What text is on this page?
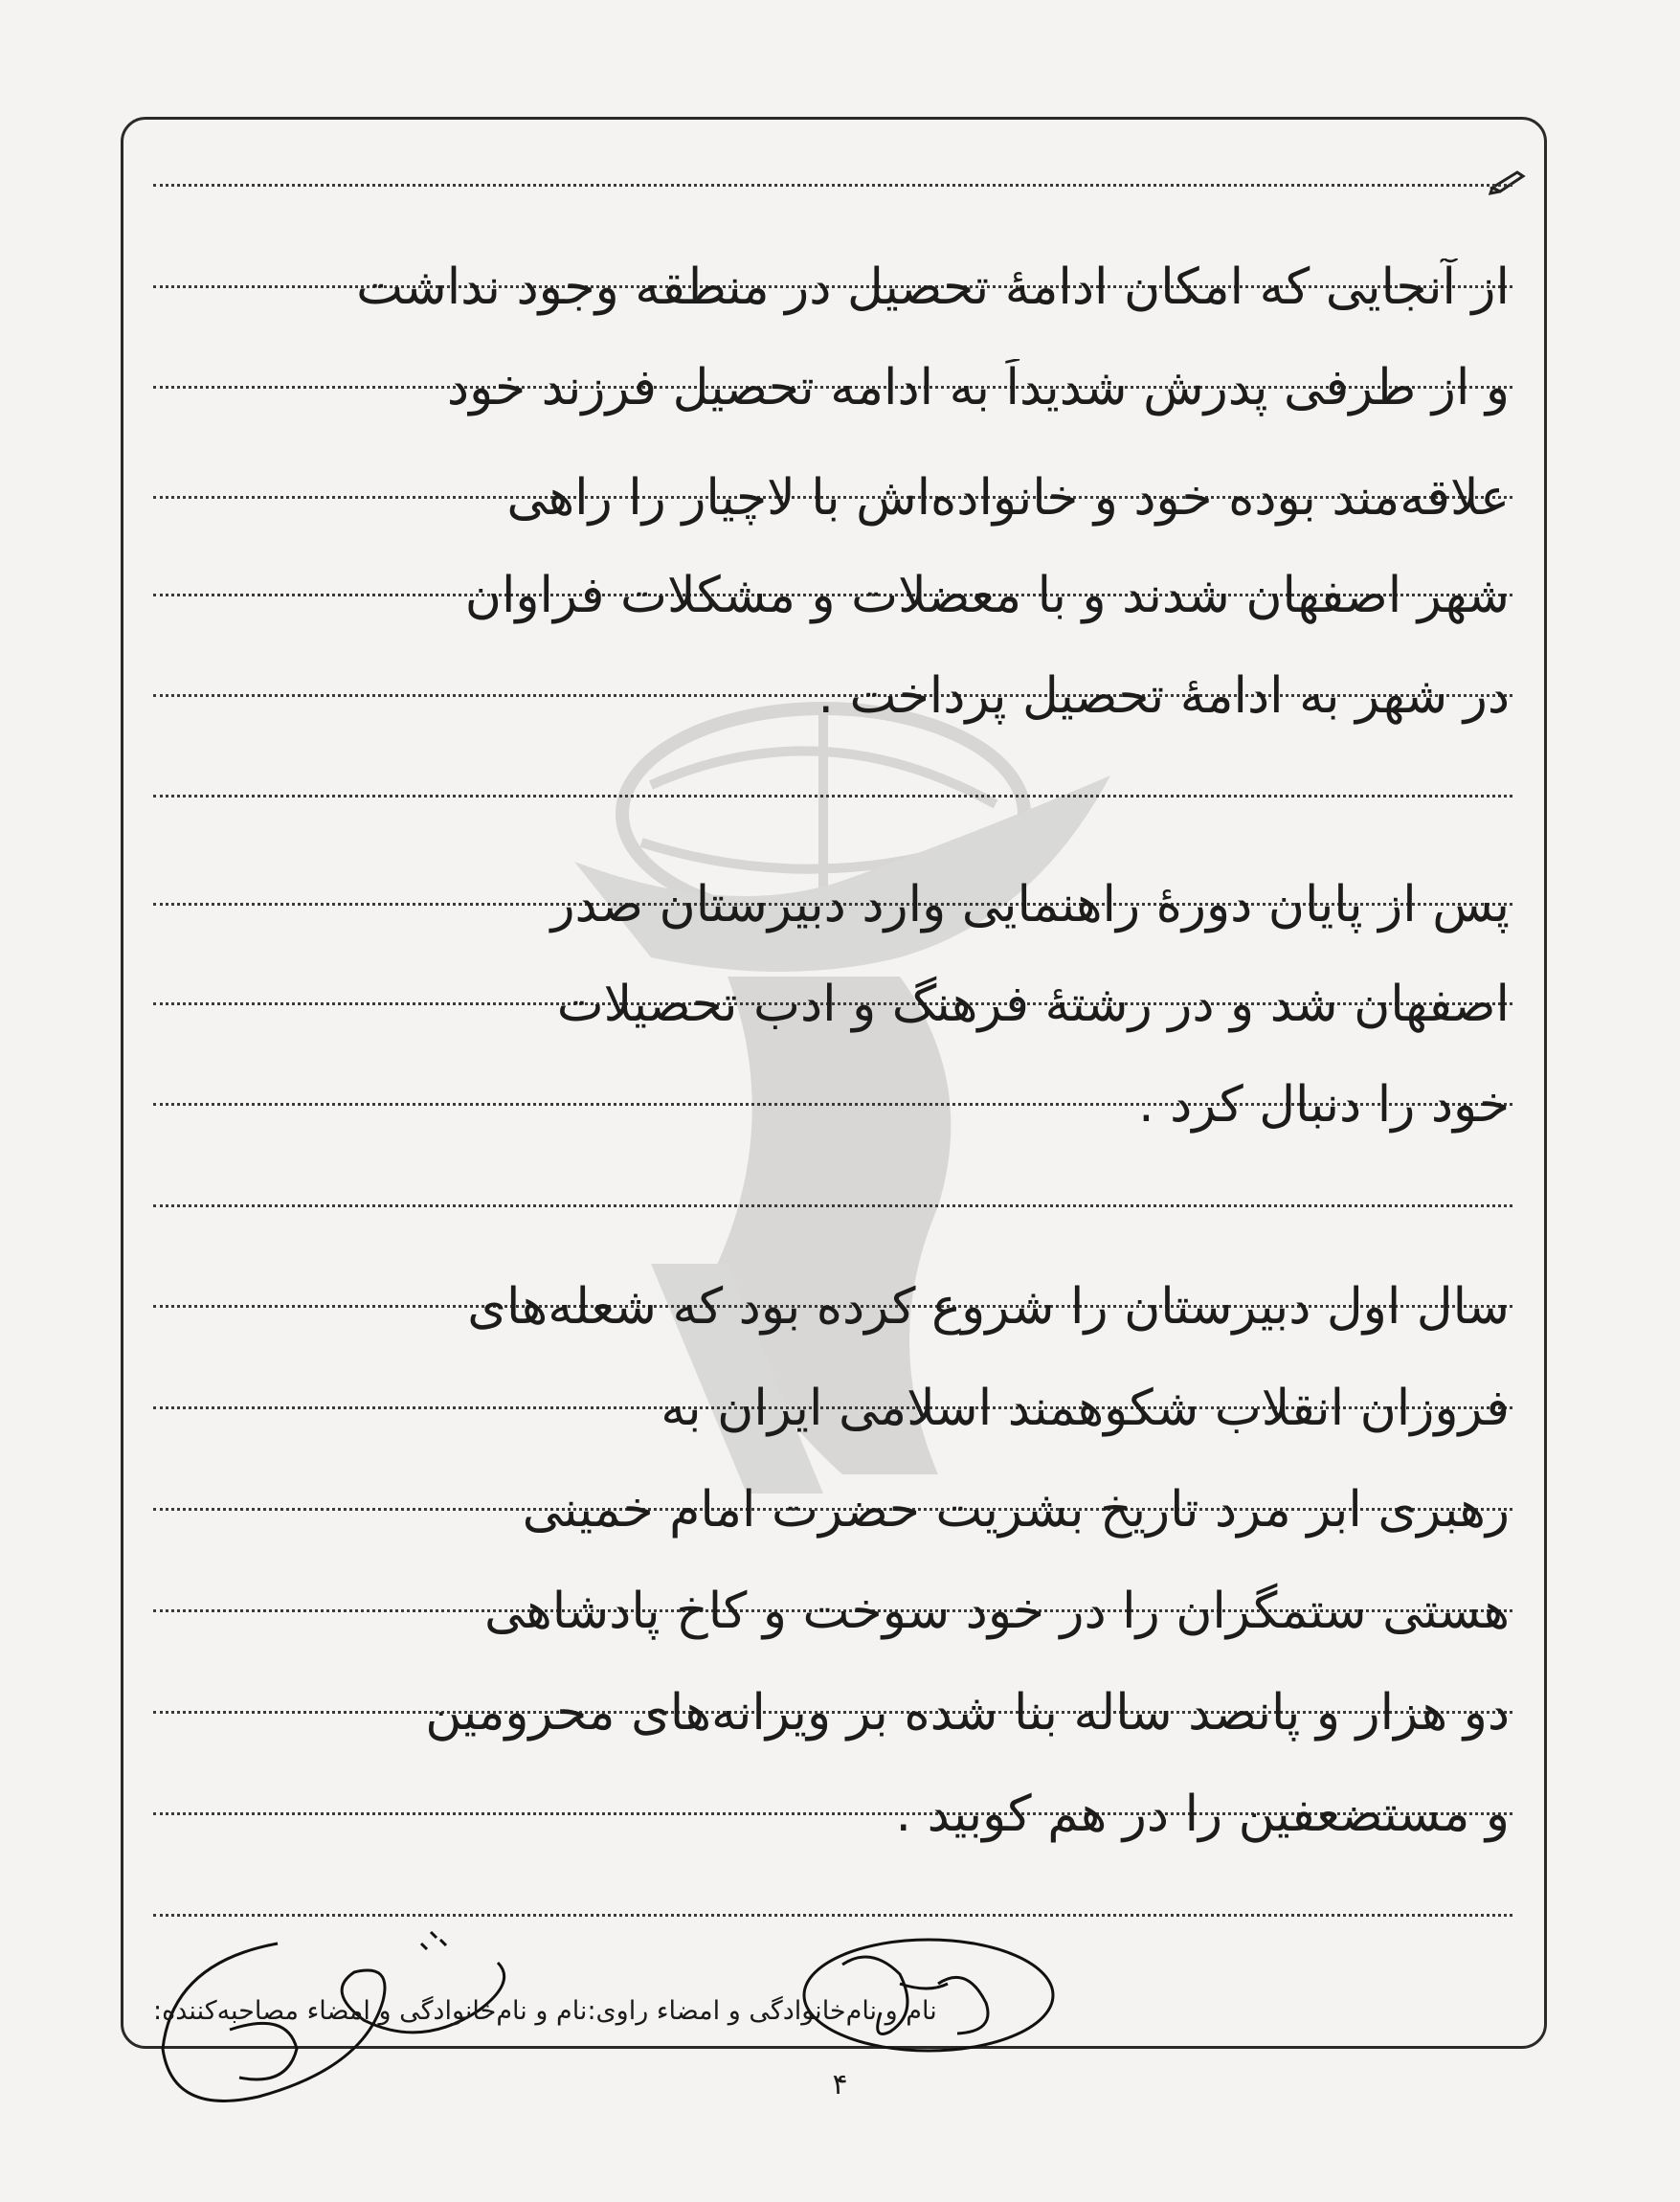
از آنجایی که امکان ادامهٔ تحصیل در منطقه وجود نداشت
و از طرفی پدرش شدیداً به ادامه تحصیل فرزند خود
علاقه‌مند بوده خود و خانواده‌اش با لاچیار را ر‌اهی
شهر اصفهان شدند و با معضلات و مشکلات فراوان
در شهر به ادامهٔ تحصیل پرداخت .
پس از پایان دورهٔ راهنمایی وارد دبیرستان صدر
اصفهان شد و در رشتهٔ فرهنگ و ادب تحصیلات
خود را دنبال کرد .
سال اول دبیرستان را شروع کرده بود که شعله‌های
فروزان انقلاب شکوهمند اسلامی ایران به
رهبری ابر مرد تاریخ بشریت حضرت امام خمینی
هستی ستمگران را در خود سوخت و کاخ پادشاهی
دو هزار و پانصد ساله بنا شده بر ویرانه‌های محرومین
و مستضعفین را در هم کوبید .
نام و نام‌خانوادگی و امضاء مصاحبه‌کننده: نام و نام‌خانوادگی و امضاء راوی:
۴
